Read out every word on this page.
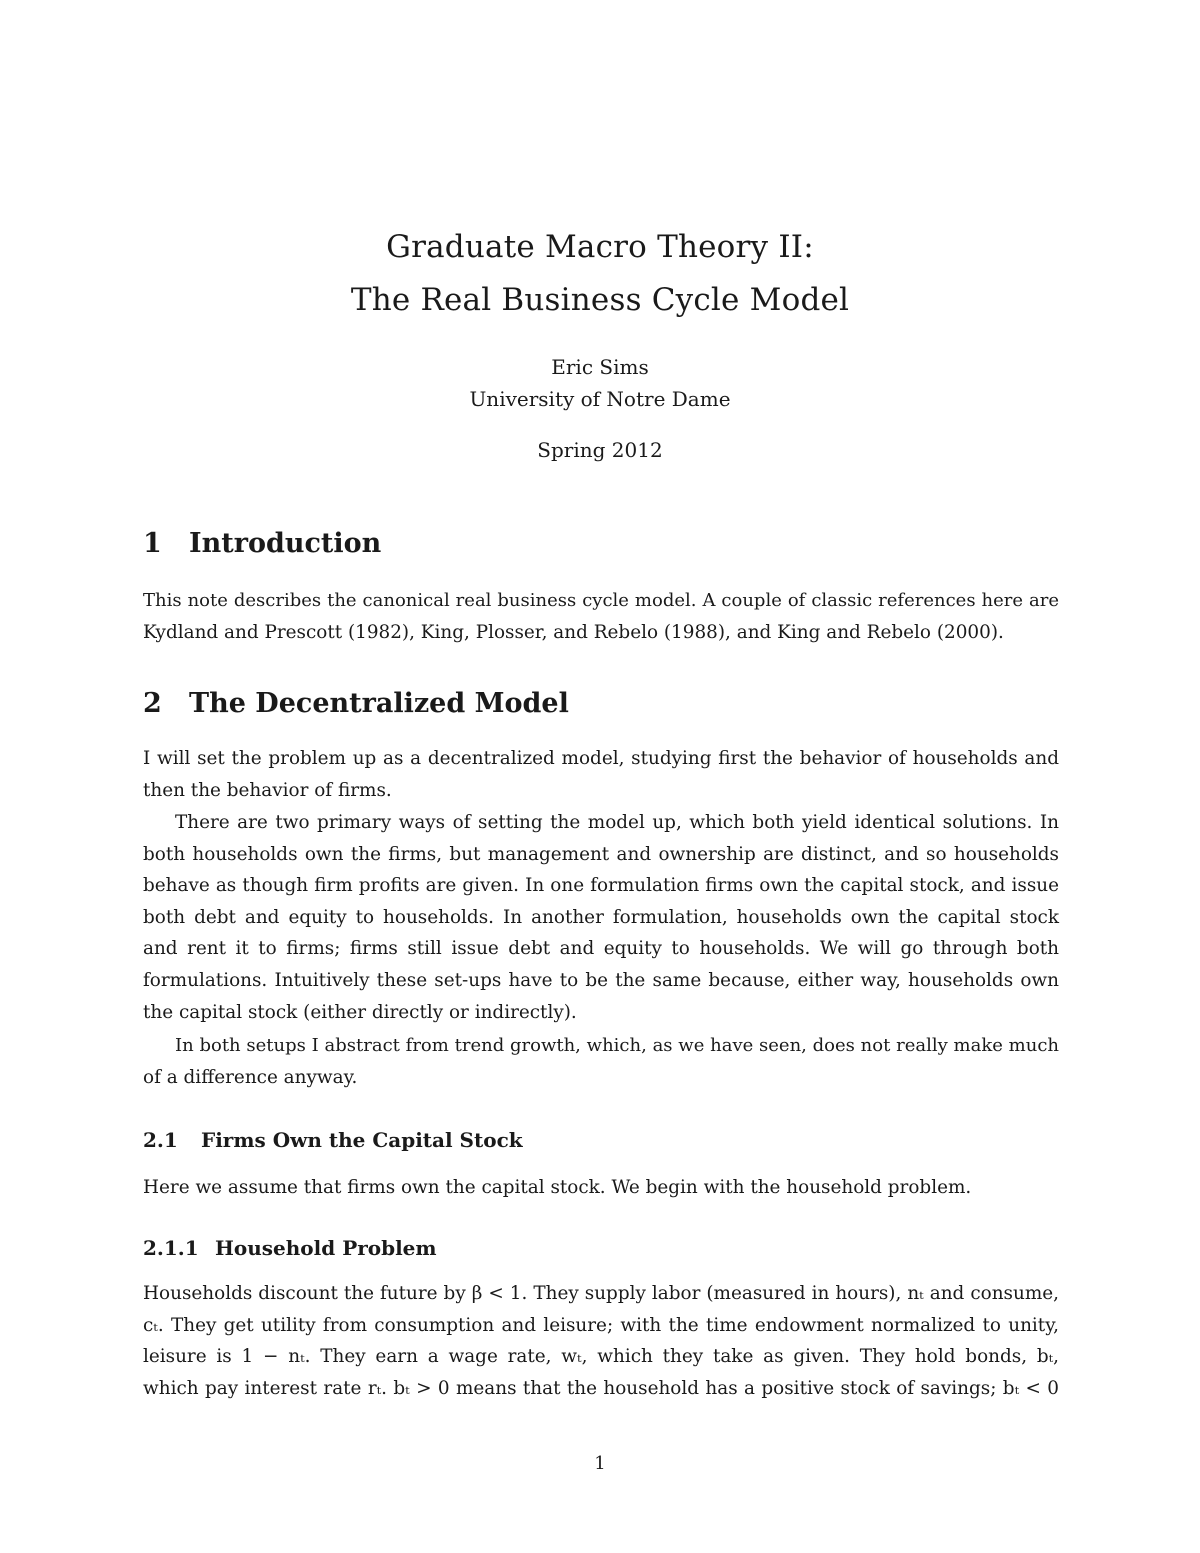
Graduate Macro Theory II:
The Real Business Cycle Model
Eric Sims
University of Notre Dame
Spring 2012
1 Introduction
This note describes the canonical real business cycle model. A couple of classic references here are
Kydland and Prescott (1982), King, Plosser, and Rebelo (1988), and King and Rebelo (2000).
2 The Decentralized Model
I will set the problem up as a decentralized model, studying first the behavior of households and
then the behavior of firms.
There are two primary ways of setting the model up, which both yield identical solutions. In
both households own the firms, but management and ownership are distinct, and so households
behave as though firm profits are given. In one formulation firms own the capital stock, and issue
both debt and equity to households. In another formulation, households own the capital stock
and rent it to firms; firms still issue debt and equity to households. We will go through both
formulations. Intuitively these set-ups have to be the same because, either way, households own
the capital stock (either directly or indirectly).
In both setups I abstract from trend growth, which, as we have seen, does not really make much
of a difference anyway.
2.1 Firms Own the Capital Stock
Here we assume that firms own the capital stock. We begin with the household problem.
2.1.1 Household Problem
Households discount the future by β < 1. They supply labor (measured in hours), nₜ and consume,
cₜ. They get utility from consumption and leisure; with the time endowment normalized to unity,
leisure is 1 − nₜ. They earn a wage rate, wₜ, which they take as given. They hold bonds, bₜ,
which pay interest rate rₜ. bₜ > 0 means that the household has a positive stock of savings; bₜ < 0
1
